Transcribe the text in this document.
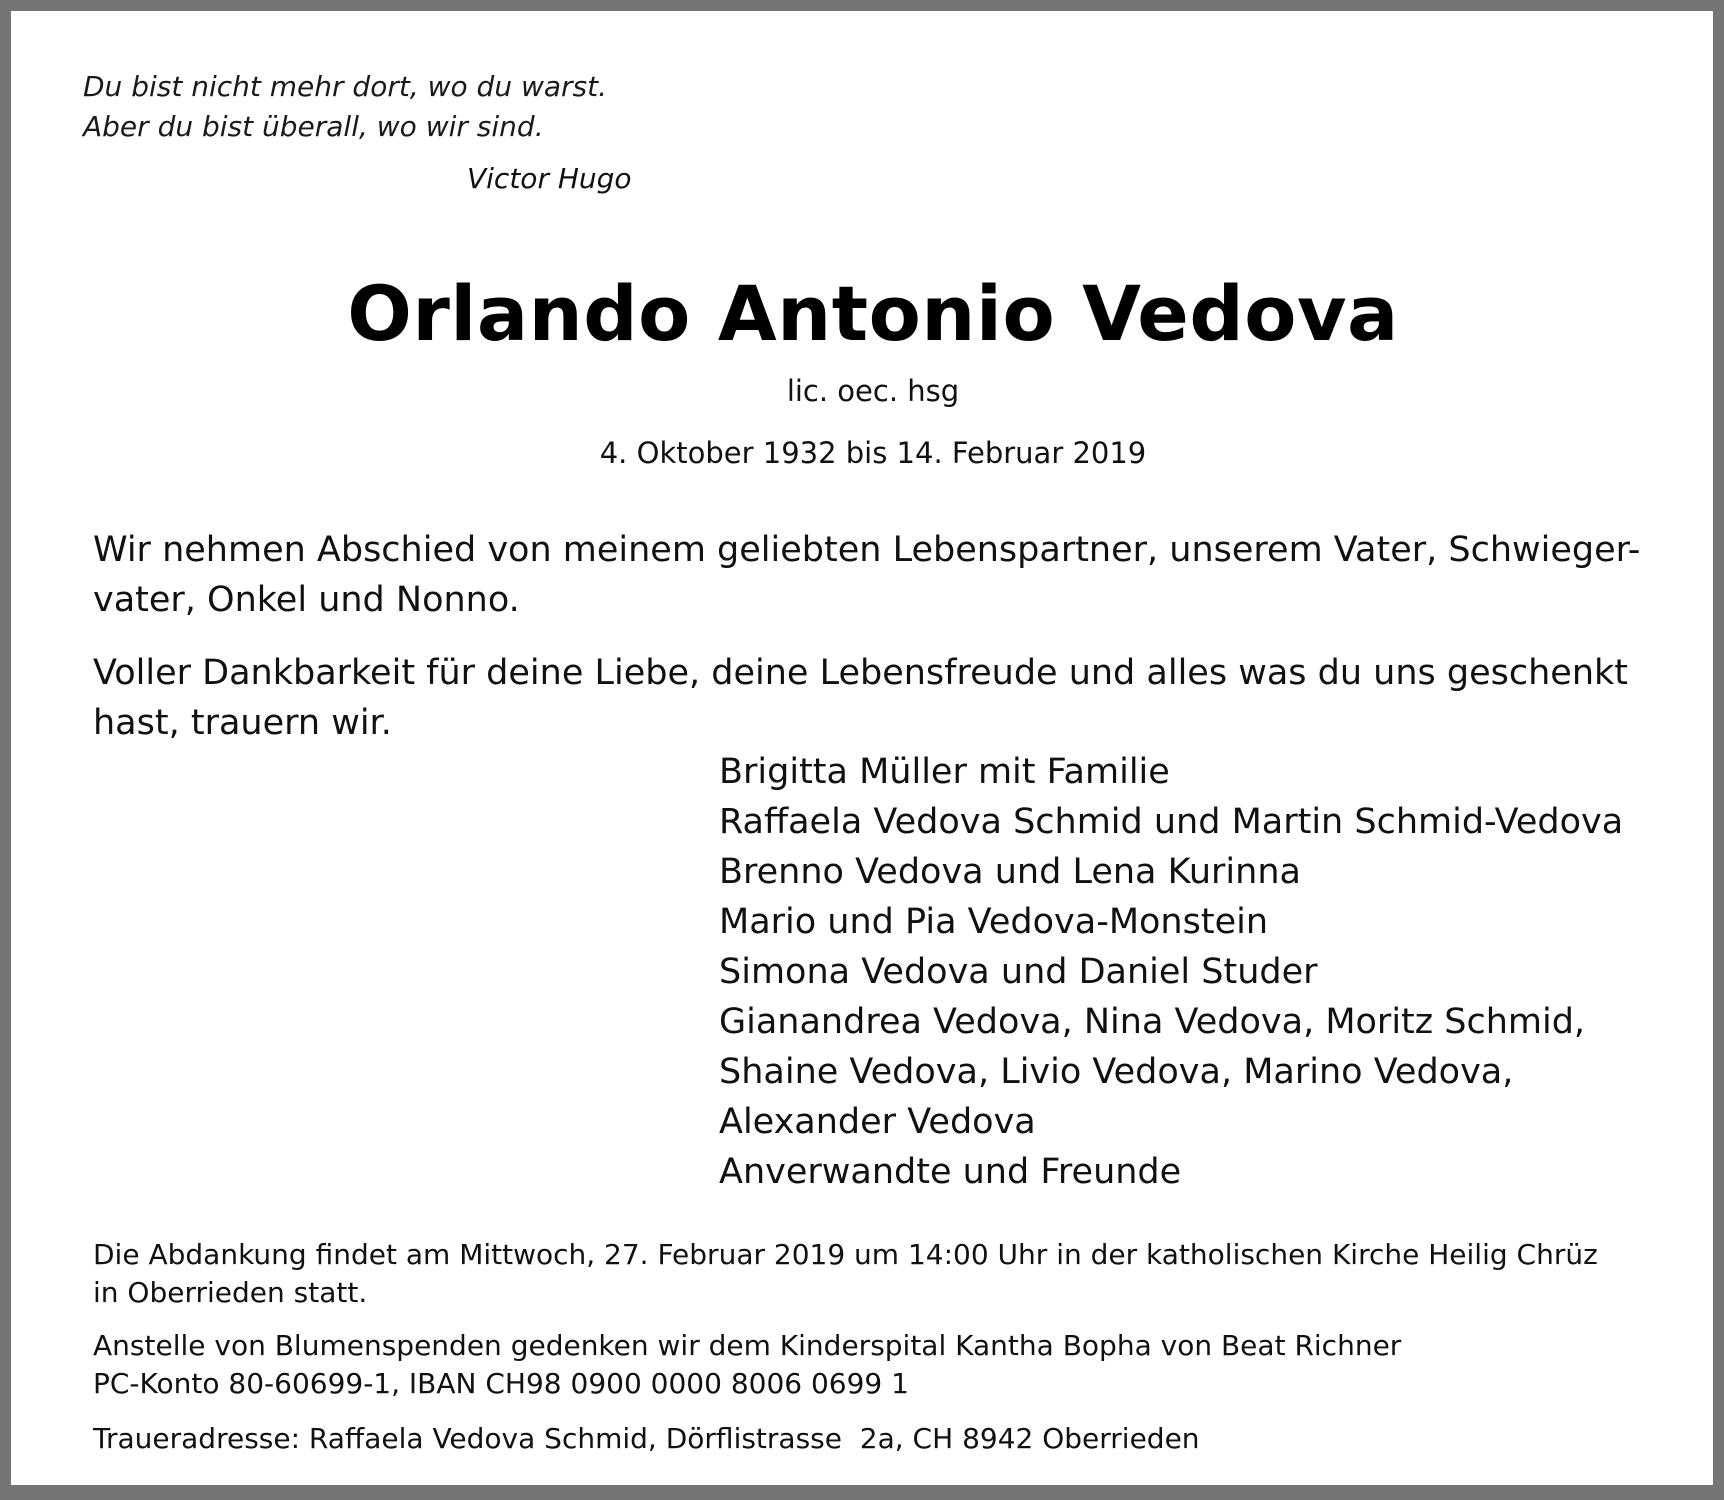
Du bist nicht mehr dort, wo du warst.
Aber du bist überall, wo wir sind.
Victor Hugo
Orlando Antonio Vedova
lic. oec. hsg
4. Oktober 1932 bis 14. Februar 2019
Wir nehmen Abschied von meinem geliebten Lebenspartner, unserem Vater, Schwieger-
vater, Onkel und Nonno.
Voller Dankbarkeit für deine Liebe, deine Lebensfreude und alles was du uns geschenkt
hast, trauern wir.
Brigitta Müller mit Familie
Raffaela Vedova Schmid und Martin Schmid-Vedova
Brenno Vedova und Lena Kurinna
Mario und Pia Vedova-Monstein
Simona Vedova und Daniel Studer
Gianandrea Vedova, Nina Vedova, Moritz Schmid,
Shaine Vedova, Livio Vedova, Marino Vedova,
Alexander Vedova
Anverwandte und Freunde
Die Abdankung findet am Mittwoch, 27. Februar 2019 um 14:00 Uhr in der katholischen Kirche Heilig Chrüz
in Oberrieden statt.
Anstelle von Blumenspenden gedenken wir dem Kinderspital Kantha Bopha von Beat Richner
PC-Konto 80-60699-1, IBAN CH98 0900 0000 8006 0699 1
Traueradresse: Raffaela Vedova Schmid, Dörflistrasse  2a, CH 8942 Oberrieden
